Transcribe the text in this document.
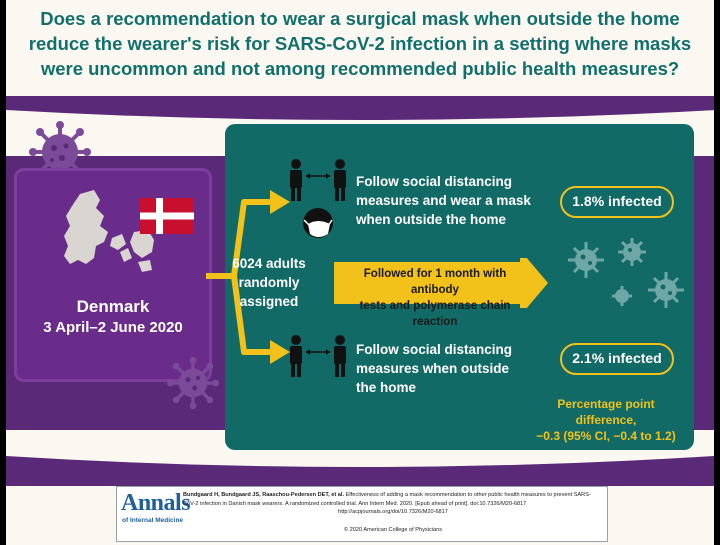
Does a recommendation to wear a surgical mask when outside the home reduce the wearer's risk for SARS-CoV-2 infection in a setting where masks were uncommon and not among recommended public health measures?
Denmark
3 April–2 June 2020
6024 adults
randomly
assigned
Follow social distancing
measures and wear a mask
when outside the home
1.8% infected
Followed for 1 month with antibody
tests and polymerase chain reaction
Follow social distancing
measures when outside
the home
2.1% infected
Percentage point difference,
−0.3 (95% CI, −0.4 to 1.2)
Annals
of Internal Medicine
Bundgaard H, Bundgaard JS, Raaschou-Pedersen DET, et al. Effectiveness of adding a mask recommendation to other public health measures to prevent SARS-CoV-2 infection in Danish mask wearers. A randomized controlled trial. Ann Intern Med. 2020. [Epub ahead of print]. doi:10.7326/M20-6817
http://acpjournals.org/doi/10.7326/M20-6817
© 2020 American College of Physicians
